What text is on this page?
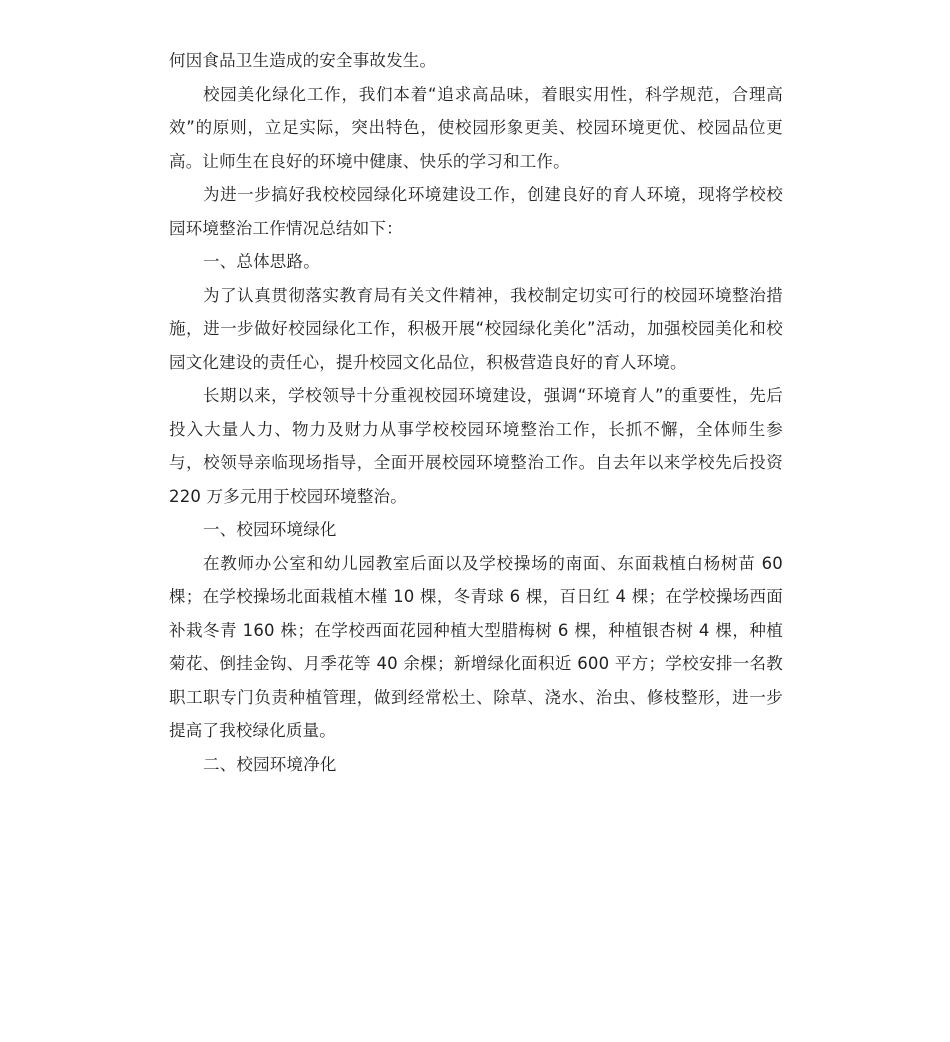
何因食品卫生造成的安全事故发生。

校园美化绿化工作，我们本着“追求高品味，着眼实用性，科学规范，合理高效”的原则，立足实际，突出特色，使校园形象更美、校园环境更优、校园品位更高。让师生在良好的环境中健康、快乐的学习和工作。

为进一步搞好我校校园绿化环境建设工作，创建良好的育人环境，现将学校校园环境整治工作情况总结如下：

一、总体思路。

为了认真贯彻落实教育局有关文件精神，我校制定切实可行的校园环境整治措施，进一步做好校园绿化工作，积极开展“校园绿化美化”活动，加强校园美化和校园文化建设的责任心，提升校园文化品位，积极营造良好的育人环境。

长期以来，学校领导十分重视校园环境建设，强调“环境育人”的重要性，先后投入大量人力、物力及财力从事学校校园环境整治工作，长抓不懈，全体师生参与，校领导亲临现场指导，全面开展校园环境整治工作。自去年以来学校先后投资 220 万多元用于校园环境整治。

一、校园环境绿化

在教师办公室和幼儿园教室后面以及学校操场的南面、东面栽植白杨树苗 60棵；在学校操场北面栽植木槿 10 棵，冬青球 6 棵，百日红 4 棵；在学校操场西面补栽冬青 160 株；在学校西面花园种植大型腊梅树 6 棵，种植银杏树 4 棵，种植菊花、倒挂金钩、月季花等 40 余棵；新增绿化面积近 600 平方；学校安排一名教职工职专门负责种植管理，做到经常松土、除草、浇水、治虫、修枝整形，进一步提高了我校绿化质量。

二、校园环境净化
